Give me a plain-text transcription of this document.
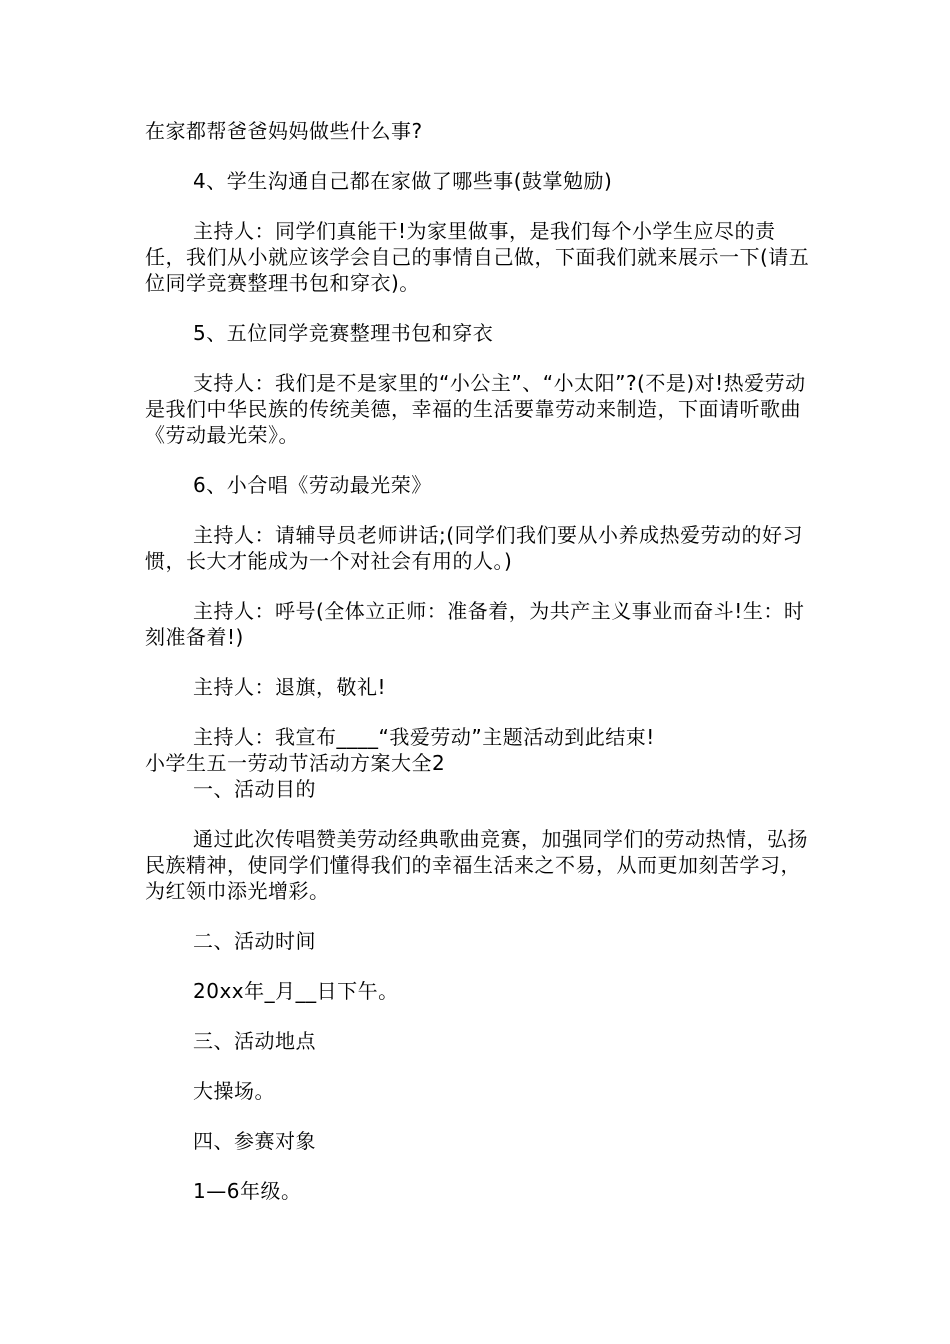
在家都帮爸爸妈妈做些什么事?

4、学生沟通自己都在家做了哪些事(鼓掌勉励)

主持人：同学们真能干!为家里做事，是我们每个小学生应尽的责任，我们从小就应该学会自己的事情自己做，下面我们就来展示一下(请五位同学竞赛整理书包和穿衣)。

5、五位同学竞赛整理书包和穿衣

支持人：我们是不是家里的“小公主”、“小太阳”?(不是)对!热爱劳动是我们中华民族的传统美德，幸福的生活要靠劳动来制造，下面请听歌曲《劳动最光荣》。

6、小合唱《劳动最光荣》

主持人：请辅导员老师讲话;(同学们我们要从小养成热爱劳动的好习惯，长大才能成为一个对社会有用的人。)

主持人：呼号(全体立正师：准备着，为共产主义事业而奋斗!生：时刻准备着!)

主持人：退旗，敬礼!

主持人：我宣布____“我爱劳动”主题活动到此结束!

小学生五一劳动节活动方案大全2

一、活动目的

通过此次传唱赞美劳动经典歌曲竞赛，加强同学们的劳动热情，弘扬民族精神，使同学们懂得我们的幸福生活来之不易，从而更加刻苦学习，为红领巾添光增彩。

二、活动时间

20xx年_月__日下午。

三、活动地点

大操场。

四、参赛对象

1—6年级。
